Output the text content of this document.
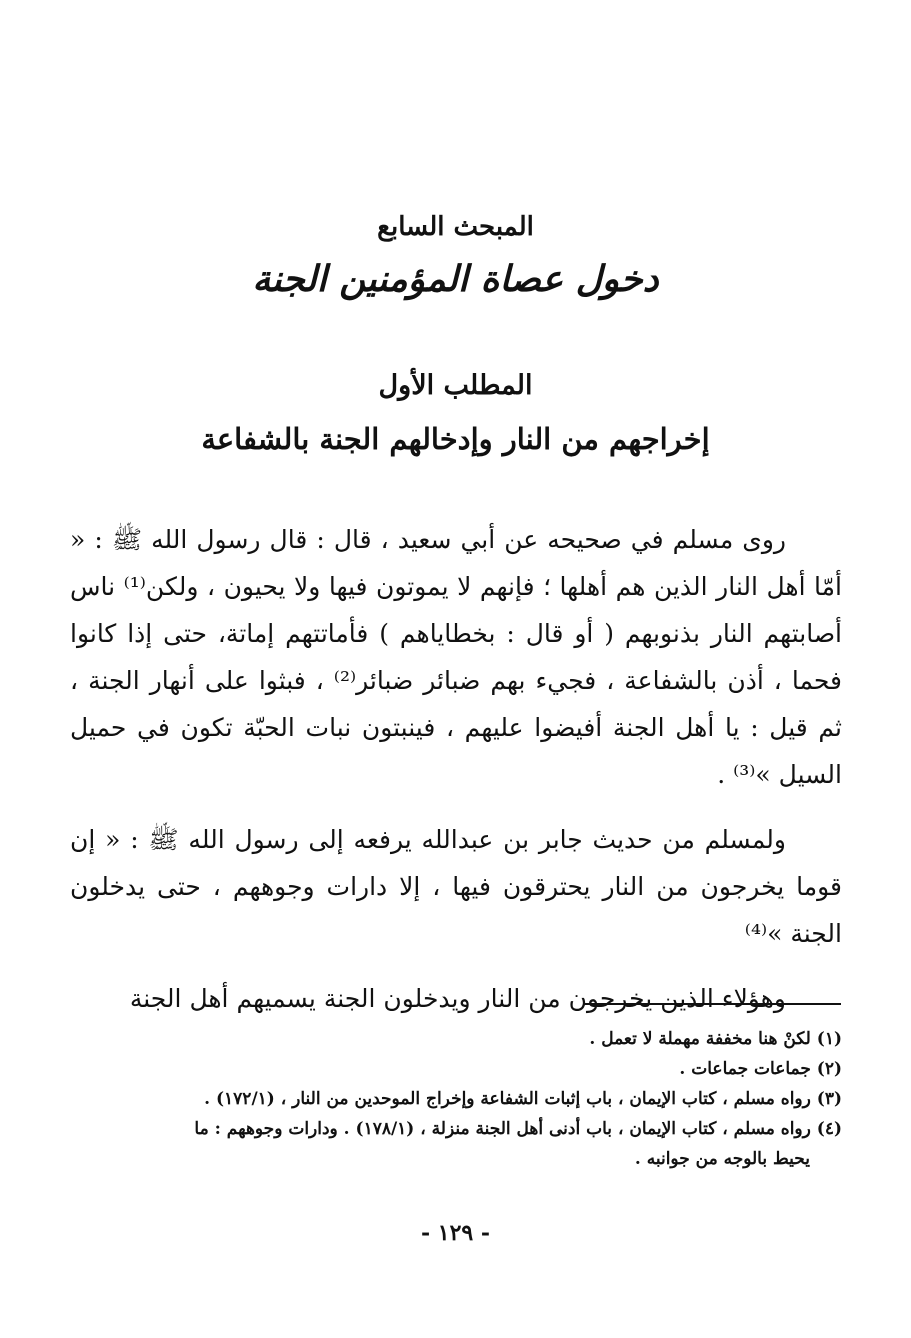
المبحث السابع
دخول عصاة المؤمنين الجنة
المطلب الأول
إخراجهم من النار وإدخالهم الجنة بالشفاعة

روى مسلم في صحيحه عن أبي سعيد ، قال : قال رسول الله ﷺ : « أمّا أهل النار الذين هم أهلها ؛ فإنهم لا يموتون فيها ولا يحيون ، ولكن⁽¹⁾ ناس أصابتهم النار بذنوبهم ( أو قال : بخطاياهم ) فأماتتهم إماتة، حتى إذا كانوا فحما ، أذن بالشفاعة ، فجيء بهم ضبائر ضبائر⁽²⁾ ، فبثوا على أنهار الجنة ، ثم قيل : يا أهل الجنة أفيضوا عليهم ، فينبتون نبات الحبّة تكون في حميل السيل »⁽³⁾ .

ولمسلم من حديث جابر بن عبدالله يرفعه إلى رسول الله ﷺ : « إن قوما يخرجون من النار يحترقون فيها ، إلا دارات وجوههم ، حتى يدخلون الجنة »⁽⁴⁾

وهؤلاء الذين يخرجون من النار ويدخلون الجنة يسميهم أهل الجنة

(١) لكنْ هنا مخففة مهملة لا تعمل .

(٢) جماعات جماعات .

(٣) رواه مسلم ، كتاب الإيمان ، باب إثبات الشفاعة وإخراج الموحدين من النار ، (١٧٢/١) .

(٤) رواه مسلم ، كتاب الإيمان ، باب أدنى أهل الجنة منزلة ، (١٧٨/١) . ودارات وجوههم : ما

يحيط بالوجه من جوانبه .

- ١٢٩ -
